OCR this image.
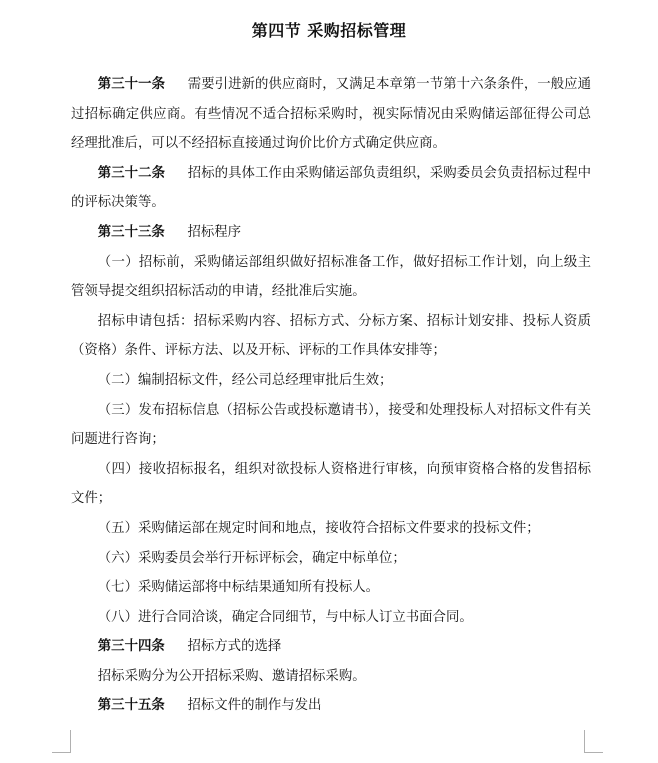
第四节 采购招标管理

第三十一条 需要引进新的供应商时，又满足本章第一节第十六条条件，一般应通过招标确定供应商。有些情况不适合招标采购时，视实际情况由采购储运部征得公司总经理批准后，可以不经招标直接通过询价比价方式确定供应商。

第三十二条 招标的具体工作由采购储运部负责组织，采购委员会负责招标过程中的评标决策等。

第三十三条 招标程序

（一）招标前，采购储运部组织做好招标准备工作，做好招标工作计划，向上级主管领导提交组织招标活动的申请，经批准后实施。

招标申请包括：招标采购内容、招标方式、分标方案、招标计划安排、投标人资质（资格）条件、评标方法、以及开标、评标的工作具体安排等；

（二）编制招标文件，经公司总经理审批后生效；

（三）发布招标信息（招标公告或投标邀请书），接受和处理投标人对招标文件有关问题进行咨询；

（四）接收招标报名，组织对欲投标人资格进行审核，向预审资格合格的发售招标文件；

（五）采购储运部在规定时间和地点，接收符合招标文件要求的投标文件；

（六）采购委员会举行开标评标会，确定中标单位；

（七）采购储运部将中标结果通知所有投标人。

（八）进行合同洽谈，确定合同细节，与中标人订立书面合同。

第三十四条 招标方式的选择

招标采购分为公开招标采购、邀请招标采购。

第三十五条 招标文件的制作与发出
